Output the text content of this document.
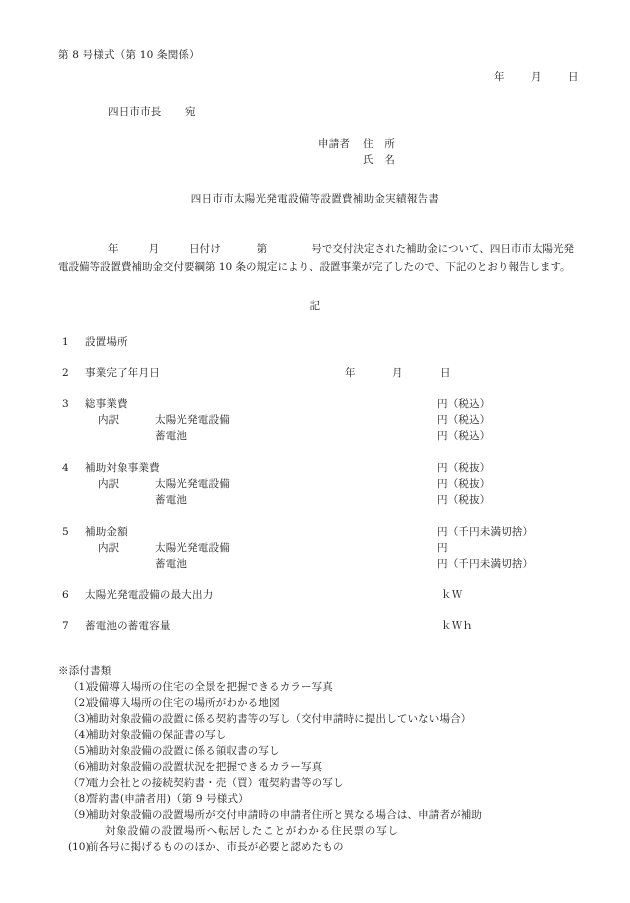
第 8 号様式（第 10 条関係）
年	月	日
四日市市長 宛
申請者 住　所
氏　名
四日市市太陽光発電設備等設置費補助金実績報告書
年	月	日付け	第	号で交付決定された補助金について、四日市市太陽光発電設備等設置費補助金交付要綱第 10 条の規定により、設置事業が完了したので、下記のとおり報告します。
記
1 設置場所
2 事業完了年月日	年	月	日
3 総事業費	円（税込）
内訳	太陽光発電設備	円（税込）
蓄電池	円（税込）
4 補助対象事業費	円（税抜）
内訳	太陽光発電設備	円（税抜）
蓄電池	円（税抜）
5 補助金額	円（千円未満切捨）
内訳	太陽光発電設備	円
蓄電池	円（千円未満切捨）
6 太陽光発電設備の最大出力	ｋＷ
7 蓄電池の蓄電容量	ｋＷｈ
※添付書類
（1）
設備導入場所の住宅の全景を把握できるカラー写真
（2）
設備導入場所の住宅の場所がわかる地図
（3）
補助対象設備の設置に係る契約書等の写し（交付申請時に提出していない場合）
（4）
補助対象設備の保証書の写し
（5）
補助対象設備の設置に係る領収書の写し
（6）
補助対象設備の設置状況を把握できるカラー写真
（7）
電力会社との接続契約書・売（買）電契約書等の写し
（8）
誓約書(申請者用)（第 9 号様式）
（9）
補助対象設備の設置場所が交付申請時の申請者住所と異なる場合は、申請者が補助
対象設備の設置場所へ転居したことがわかる住民票の写し
(10)
前各号に掲げるもののほか、市長が必要と認めたもの
